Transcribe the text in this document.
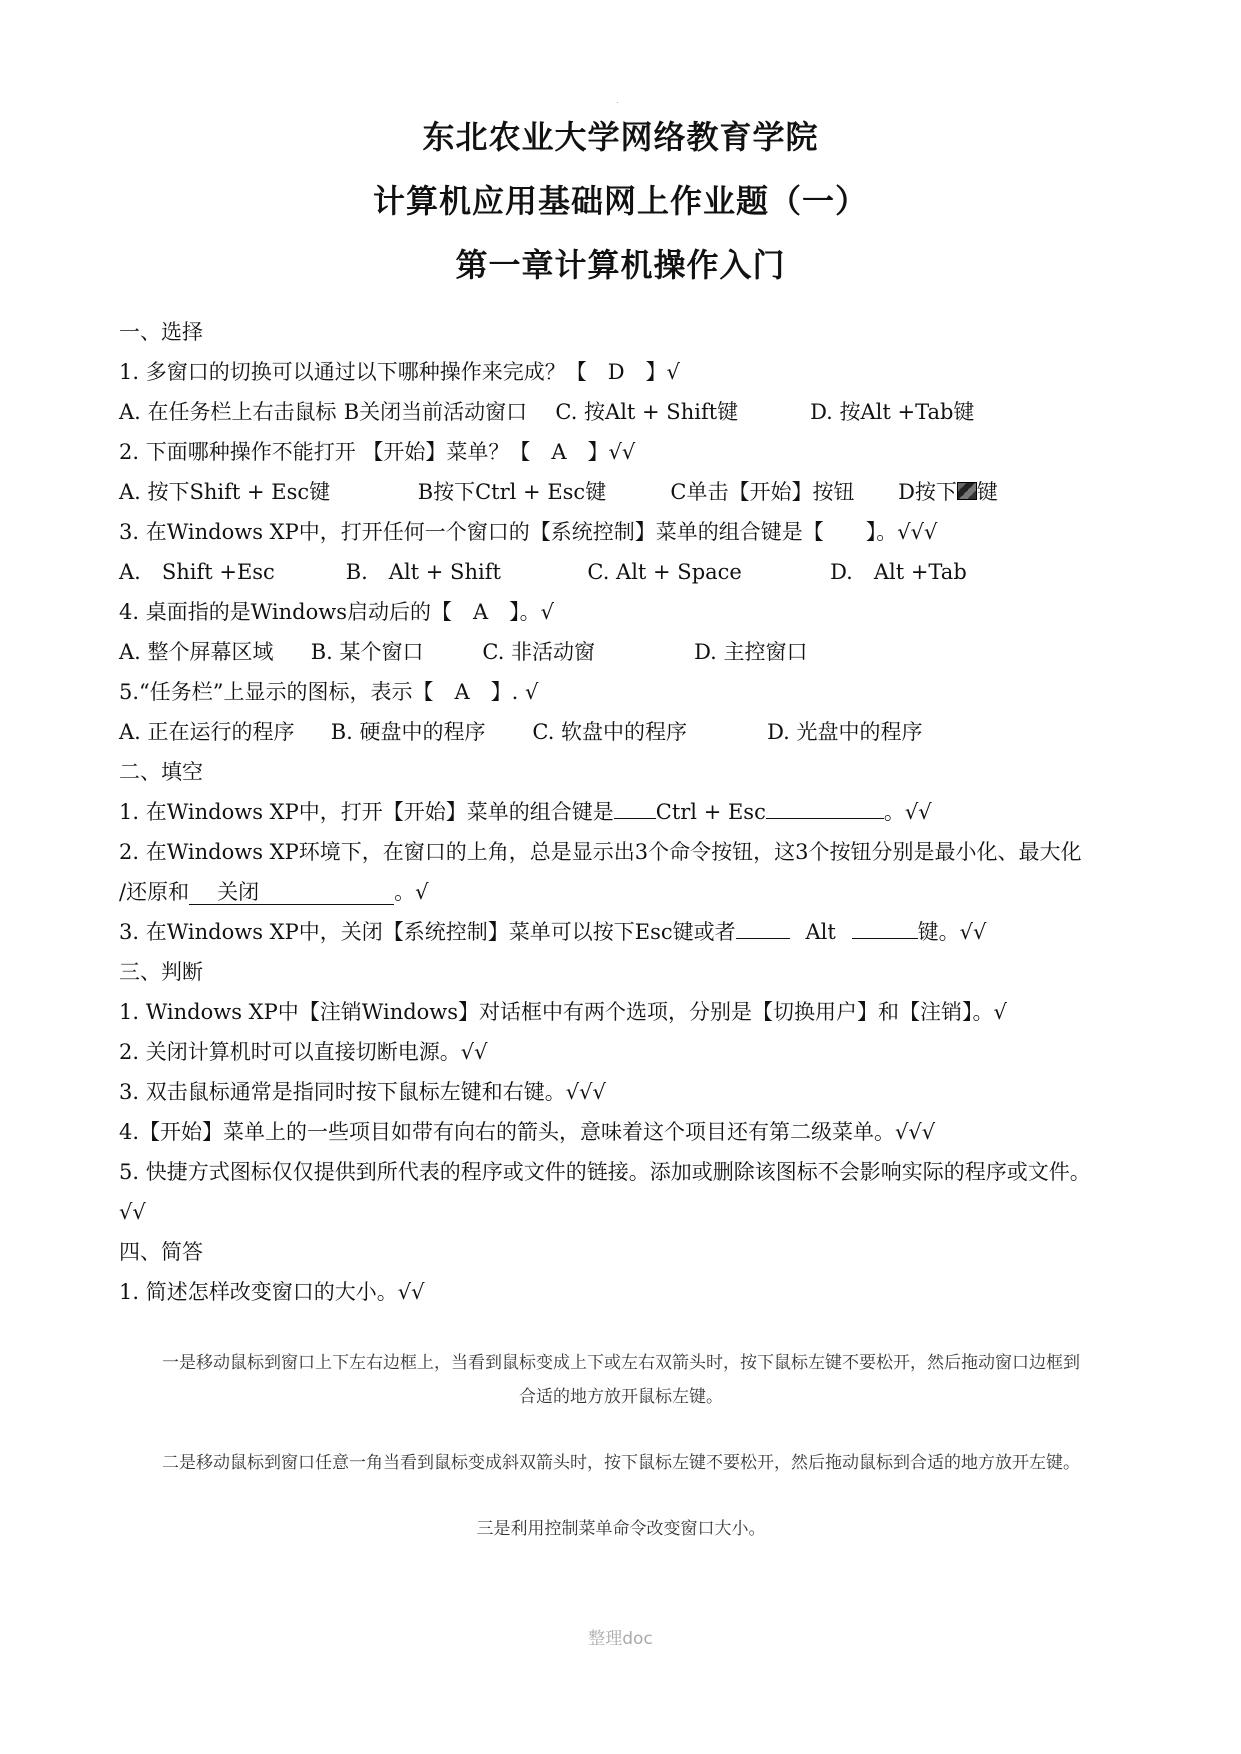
.
东北农业大学网络教育学院
计算机应用基础网上作业题（一）
第一章计算机操作入门
一、选择
1. 多窗口的切换可以通过以下哪种操作来完成？【　D　】√
A. 在任务栏上右击鼠标 B关闭当前活动窗口 C. 按Alt + Shift键	D. 按Alt +Tab键
2. 下面哪种操作不能打开 【开始】菜单？【　A　】√√
A. 按下Shift + Esc键	B按下Ctrl + Esc键	C单击【开始】按钮 D按下 键
3. 在Windows XP中，打开任何一个窗口的【系统控制】菜单的组合键是【　　】。√√√
A.　Shift +Esc	B.　Alt + Shift	C. Alt + Space	D.　Alt +Tab
4. 桌面指的是Windows启动后的【　A　】。√
A. 整个屏幕区域 B. 某个窗口	C. 非活动窗	D. 主控窗口
5.“任务栏”上显示的图标，表示【　A　】. √
A. 正在运行的程序 B. 硬盘中的程序 C. 软盘中的程序	D. 光盘中的程序
二、填空
1. 在Windows XP中，打开【开始】菜单的组合键是 Ctrl + Esc	。√√
2. 在Windows XP环境下，在窗口的上角，总是显示出3个命令按钮，这3个按钮分别是最小化、最大化
/还原和 关闭	。√
3. 在Windows XP中，关闭【系统控制】菜单可以按下Esc键或者	Alt	键。√√
三、判断
1. Windows XP中【注销Windows】对话框中有两个选项，分别是【切换用户】和【注销】。√
2. 关闭计算机时可以直接切断电源。√√
3. 双击鼠标通常是指同时按下鼠标左键和右键。√√√
4.【开始】菜单上的一些项目如带有向右的箭头，意味着这个项目还有第二级菜单。√√√
5. 快捷方式图标仅仅提供到所代表的程序或文件的链接。添加或删除该图标不会影响实际的程序或文件。
√√
四、简答
1. 简述怎样改变窗口的大小。√√
一是移动鼠标到窗口上下左右边框上，当看到鼠标变成上下或左右双箭头时，按下鼠标左键不要松开，然后拖动窗口边框到
合适的地方放开鼠标左键。
二是移动鼠标到窗口任意一角当看到鼠标变成斜双箭头时，按下鼠标左键不要松开，然后拖动鼠标到合适的地方放开左键。
三是利用控制菜单命令改变窗口大小。
整理doc
